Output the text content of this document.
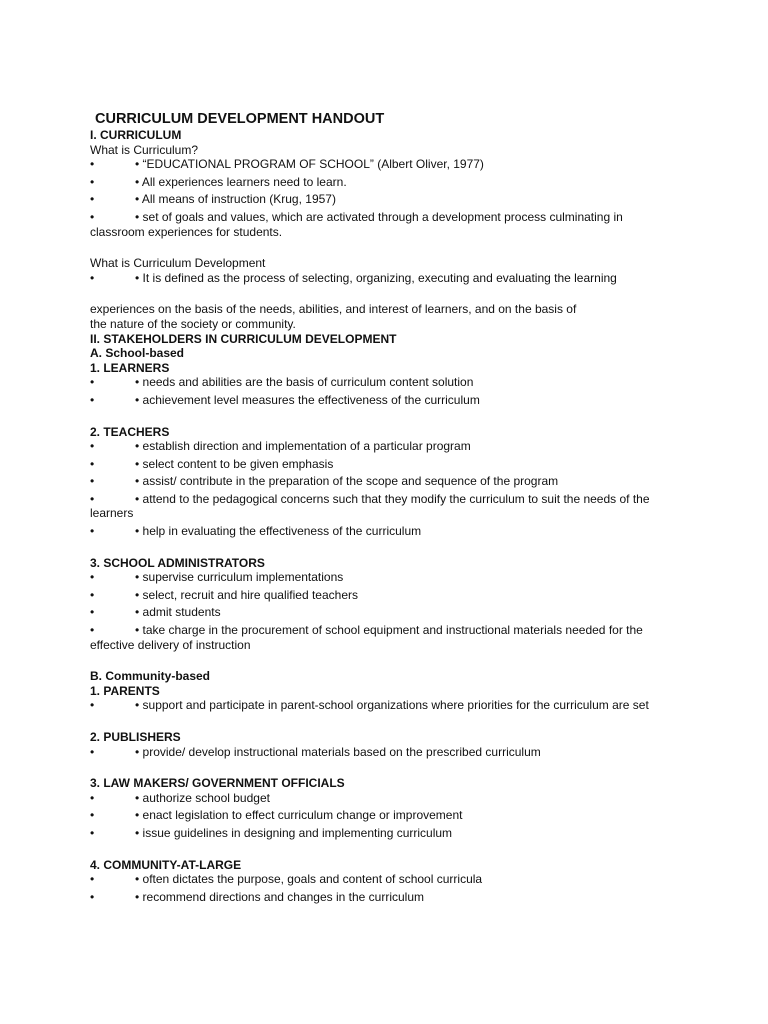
CURRICULUM DEVELOPMENT HANDOUT
I. CURRICULUM
What is Curriculum?
•	• “EDUCATIONAL PROGRAM OF SCHOOL” (Albert Oliver, 1977)
•	• All experiences learners need to learn.
•	• All means of instruction (Krug, 1957)
•	• set of goals and values, which are activated through a development process culminating in
classroom experiences for students.
What is Curriculum Development
•	• It is defined as the process of selecting, organizing, executing and evaluating the learning
experiences on the basis of the needs, abilities, and interest of learners, and on the basis of
the nature of the society or community.
II. STAKEHOLDERS IN CURRICULUM DEVELOPMENT
A. School-based
1. LEARNERS
•	• needs and abilities are the basis of curriculum content solution
•	• achievement level measures the effectiveness of the curriculum
2. TEACHERS
•	• establish direction and implementation of a particular program
•	• select content to be given emphasis
•	• assist/ contribute in the preparation of the scope and sequence of the program
•	• attend to the pedagogical concerns such that they modify the curriculum to suit the needs of the
learners
•	• help in evaluating the effectiveness of the curriculum
3. SCHOOL ADMINISTRATORS
•	• supervise curriculum implementations
•	• select, recruit and hire qualified teachers
•	• admit students
•	• take charge in the procurement of school equipment and instructional materials needed for the
effective delivery of instruction
B. Community-based
1. PARENTS
•	• support and participate in parent-school organizations where priorities for the curriculum are set
2. PUBLISHERS
•	• provide/ develop instructional materials based on the prescribed curriculum
3. LAW MAKERS/ GOVERNMENT OFFICIALS
•	• authorize school budget
•	• enact legislation to effect curriculum change or improvement
•	• issue guidelines in designing and implementing curriculum
4. COMMUNITY-AT-LARGE
•	• often dictates the purpose, goals and content of school curricula
•	• recommend directions and changes in the curriculum
